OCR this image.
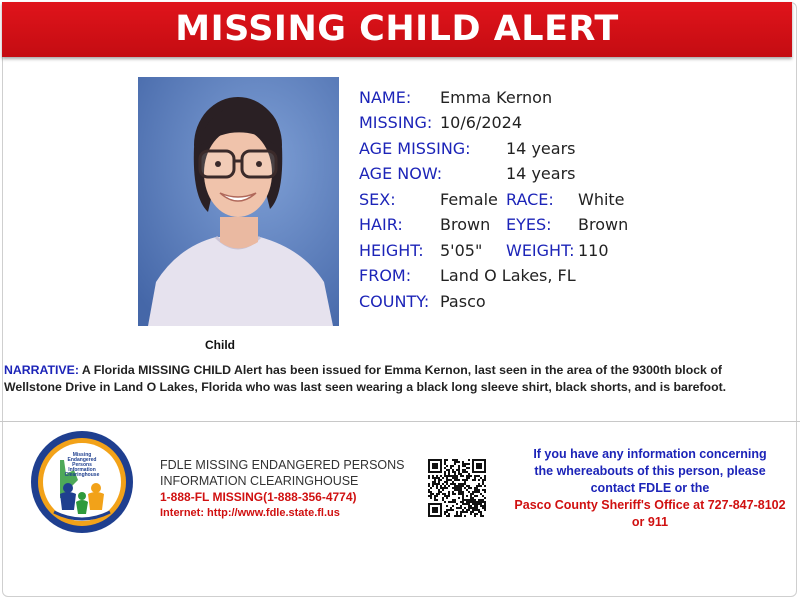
MISSING CHILD ALERT
Child
NAME: Emma Kernon
MISSING: 10/6/2024
AGE MISSING: 14 years
AGE NOW:	14 years
SEX:	Female RACE: White
HAIR: Brown EYES: Brown
HEIGHT: 5'05" WEIGHT: 110
FROM: Land O Lakes, FL
COUNTY: Pasco
NARRATIVE: A Florida MISSING CHILD Alert has been issued for Emma Kernon, last seen in the area of the 9300th block of
Wellstone Drive in Land O Lakes, Florida who was last seen wearing a black long sleeve shirt, black shorts, and is barefoot.
Missing
Endangered
Persons
Information
Clearinghouse
FDLE MISSING ENDANGERED PERSONS
INFORMATION CLEARINGHOUSE
1-888-FL MISSING(1-888-356-4774)
Internet: http://www.fdle.state.fl.us
If you have any information concerning
the whereabouts of this person, please
contact FDLE or the
Pasco County Sheriff's Office at 727-847-8102
or 911
